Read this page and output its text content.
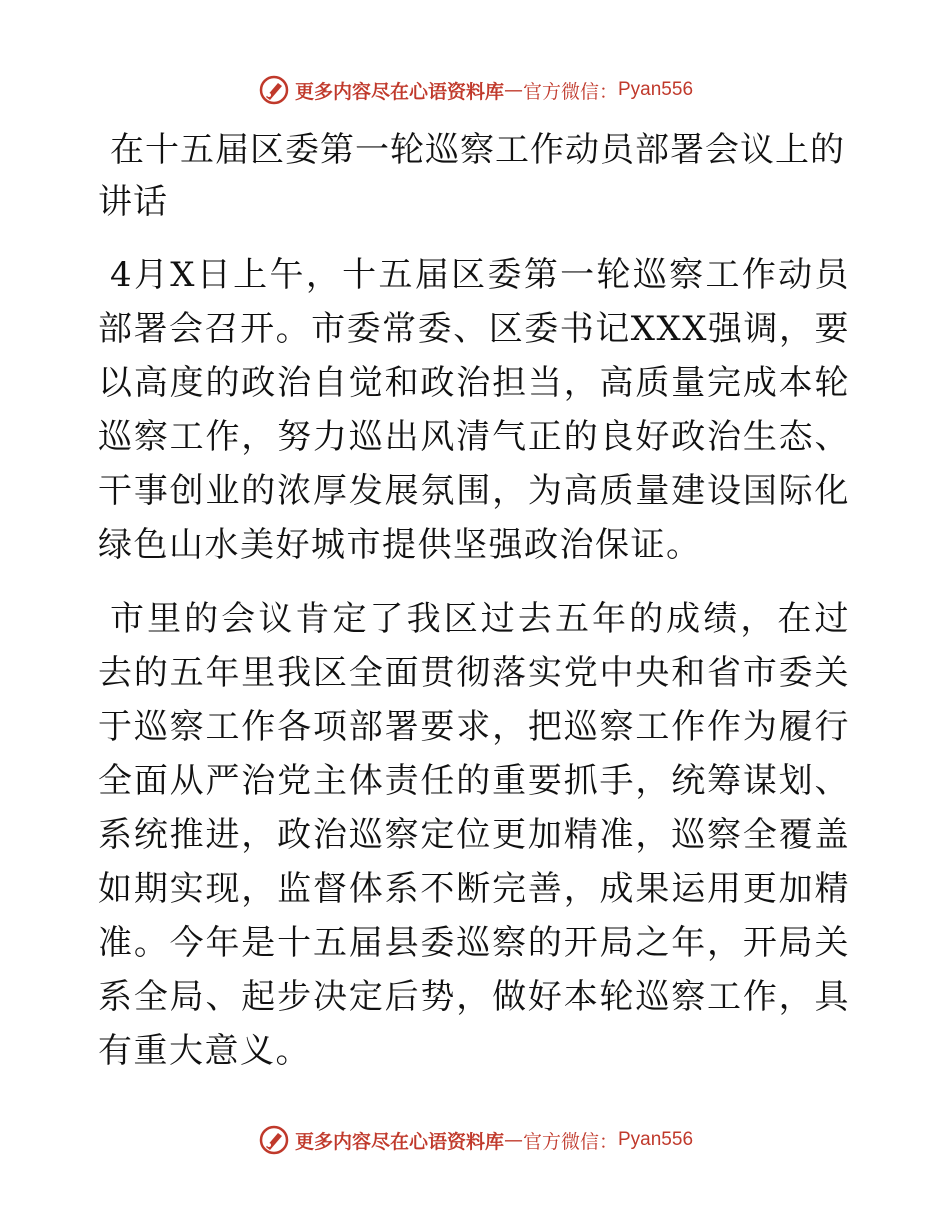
更多内容尽在心语资料库 — 官方微信： Pyan556
在十五届区委第一轮巡察工作动员部署会议上的讲话

4月X日上午，十五届区委第一轮巡察工作动员部署会召开。市委常委、区委书记XXX强调，要以高度的政治自觉和政治担当，高质量完成本轮巡察工作，努力巡出风清气正的良好政治生态、干事创业的浓厚发展氛围，为高质量建设国际化绿色山水美好城市提供坚强政治保证。

市里的会议肯定了我区过去五年的成绩，在过去的五年里我区全面贯彻落实党中央和省市委关于巡察工作各项部署要求，把巡察工作作为履行全面从严治党主体责任的重要抓手，统筹谋划、系统推进，政治巡察定位更加精准，巡察全覆盖如期实现，监督体系不断完善，成果运用更加精准。今年是十五届县委巡察的开局之年，开局关系全局、起步决定后势，做好本轮巡察工作，具有重大意义。

更多内容尽在心语资料库 — 官方微信： Pyan556
